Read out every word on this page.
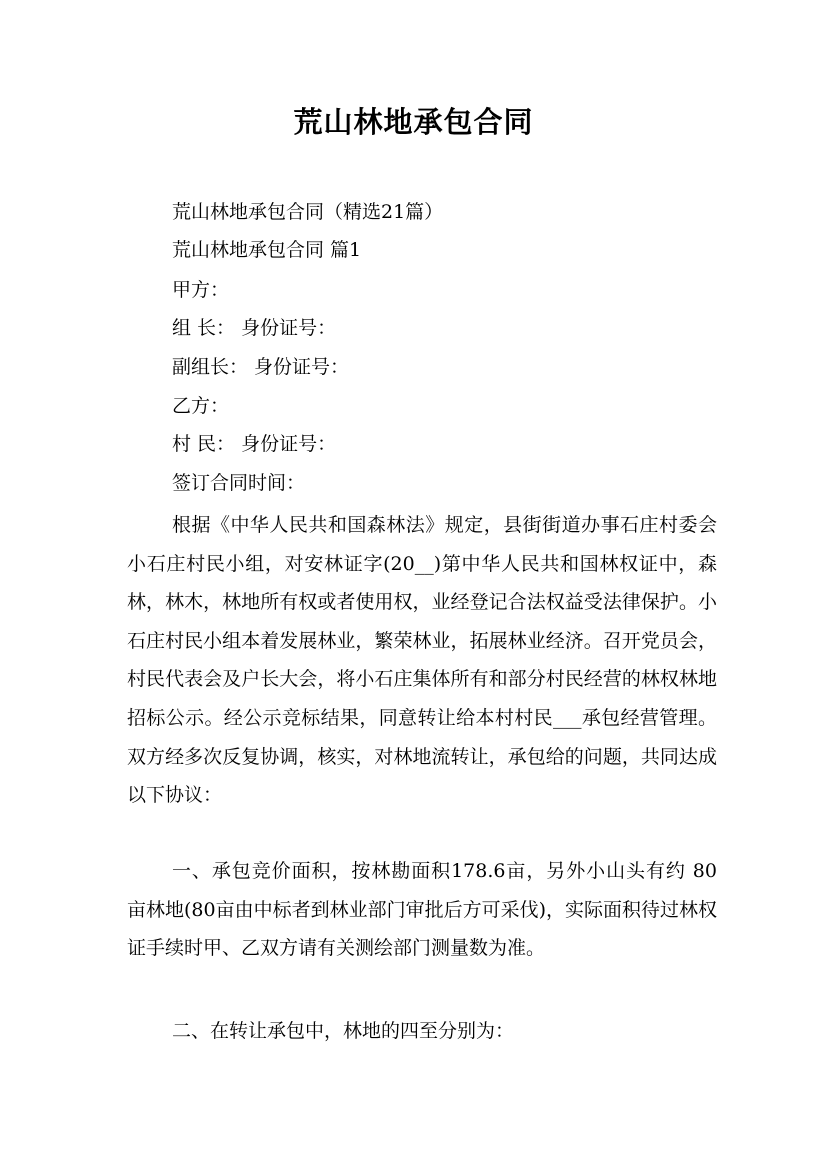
荒山林地承包合同
荒山林地承包合同（精选21篇）
荒山林地承包合同 篇1
甲方：
组 长： 身份证号：
副组长： 身份证号：
乙方：
村 民： 身份证号：
签订合同时间：
根据《中华人民共和国森林法》规定，县街街道办事石庄村委会小石庄村民小组，对安林证字(20__)第中华人民共和国林权证中，森林，林木，林地所有权或者使用权，业经登记合法权益受法律保护。小石庄村民小组本着发展林业，繁荣林业，拓展林业经济。召开党员会，村民代表会及户长大会，将小石庄集体所有和部分村民经营的林权林地招标公示。经公示竞标结果，同意转让给本村村民___承包经营管理。双方经多次反复协调，核实，对林地流转让，承包给的问题，共同达成以下协议：
一、承包竞价面积，按林勘面积178.6亩，另外小山头有约 80 亩林地(80亩由中标者到林业部门审批后方可采伐)，实际面积待过林权证手续时甲、乙双方请有关测绘部门测量数为准。
二、在转让承包中，林地的四至分别为：
